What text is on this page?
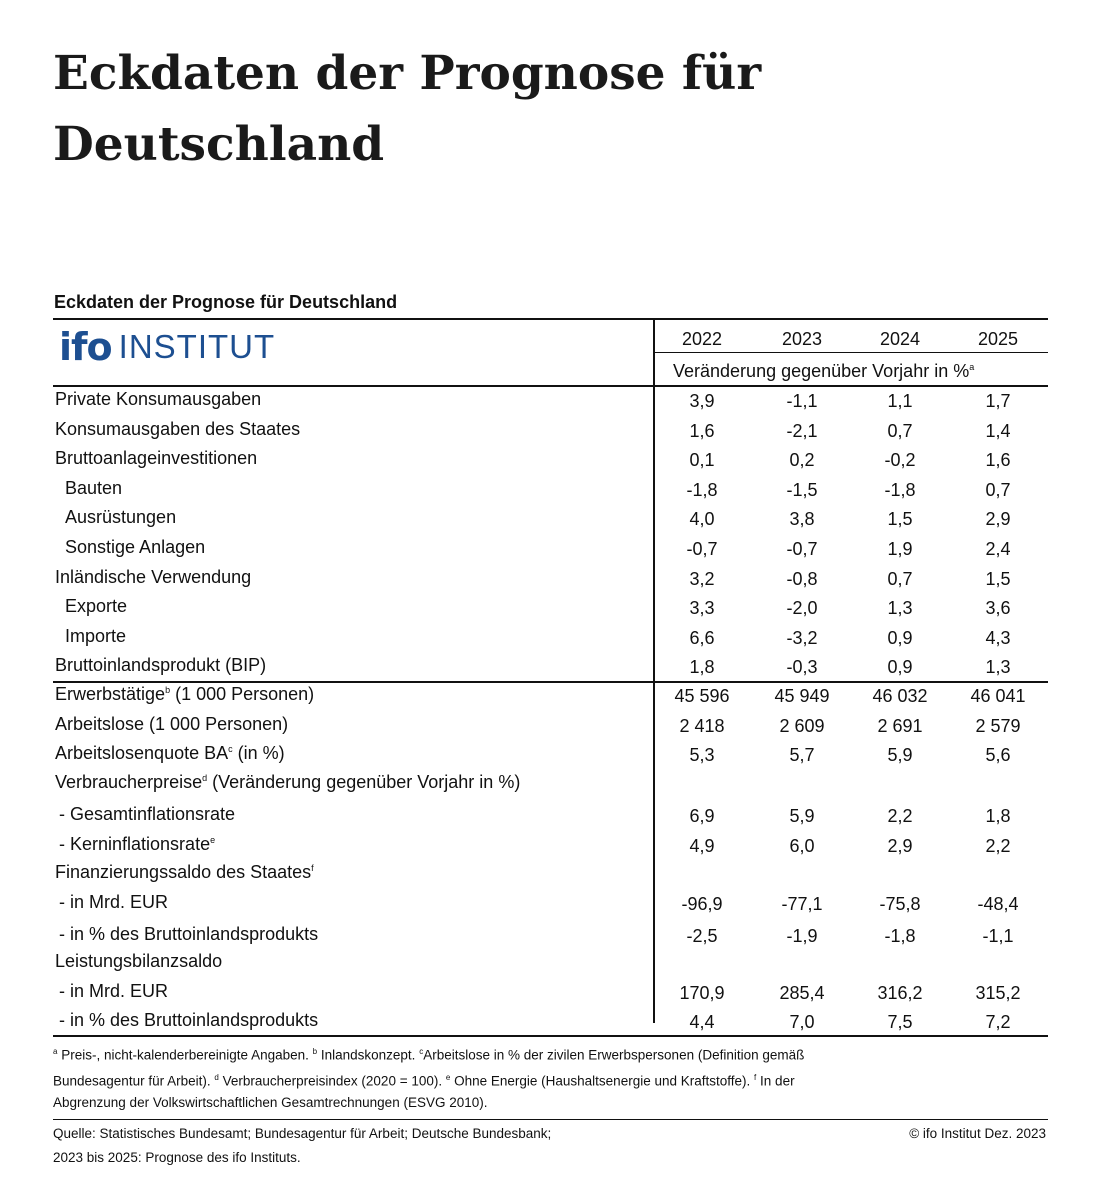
Eckdaten der Prognose für Deutschland
Eckdaten der Prognose für Deutschland
ifo INSTITUT	2022	2023	2024	2025
Veränderung gegenüber Vorjahr in %$^a$
Private Konsumausgaben	3,9	-1,1	1,1	1,7
Konsumausgaben des Staates	1,6	-2,1	0,7	1,4
Bruttoanlageinvestitionen	0,1	0,2	-0,2	1,6
Bauten	-1,8	-1,5	-1,8	0,7
Ausrüstungen	4,0	3,8	1,5	2,9
Sonstige Anlagen	-0,7	-0,7	1,9	2,4
Inländische Verwendung	3,2	-0,8	0,7	1,5
Exporte	3,3	-2,0	1,3	3,6
Importe	6,6	-3,2	0,9	4,3
Bruttoinlandsprodukt (BIP)	1,8	-0,3	0,9	1,3
Erwerbstätige$^b$ (1 000 Personen)	45 596	45 949	46 032	46 041
Arbeitslose (1 000 Personen)	2 418	2 609	2 691	2 579
Arbeitslosenquote $BA^c$ (in %)	5,3	5,7	5,9	5,6
Verbraucherpreise$^d$ (Veränderung gegenüber Vorjahr in %)
- Gesamtinflationsrate	6,9	5,9	2,2	1,8
- Kerninflationsrate$^e$	4,9	6,0	2,9	2,2
Finanzierungssaldo des Staates$^f$
- in Mrd. EUR	-96,9	-77,1	-75,8	-48,4
- in % des Bruttoinlandsprodukts	-2,5	-1,9	-1,8	-1,1
Leistungsbilanzsaldo
- in Mrd. EUR	170,9	285,4	316,2	315,2
- in % des Bruttoinlandsprodukts	4,4	7,0	7,5	7,2
$^a$ Preis-, nicht-kalenderbereinigte Angaben. $^b$ Inlandskonzept. $^c$Arbeitslose in % der zivilen Erwerbspersonen (Definition gemäß
Bundesagentur für Arbeit). $^d$ Verbraucherpreisindex (2020 = 100). $^e$ Ohne Energie (Haushaltsenergie und Kraftstoffe). $^f$ In der
Abgrenzung der Volkswirtschaftlichen Gesamtrechnungen (ESVG 2010).
Quelle: Statistisches Bundesamt; Bundesagentur für Arbeit; Deutsche Bundesbank;	© ifo Institut Dez. 2023
2023 bis 2025: Prognose des ifo Instituts.
